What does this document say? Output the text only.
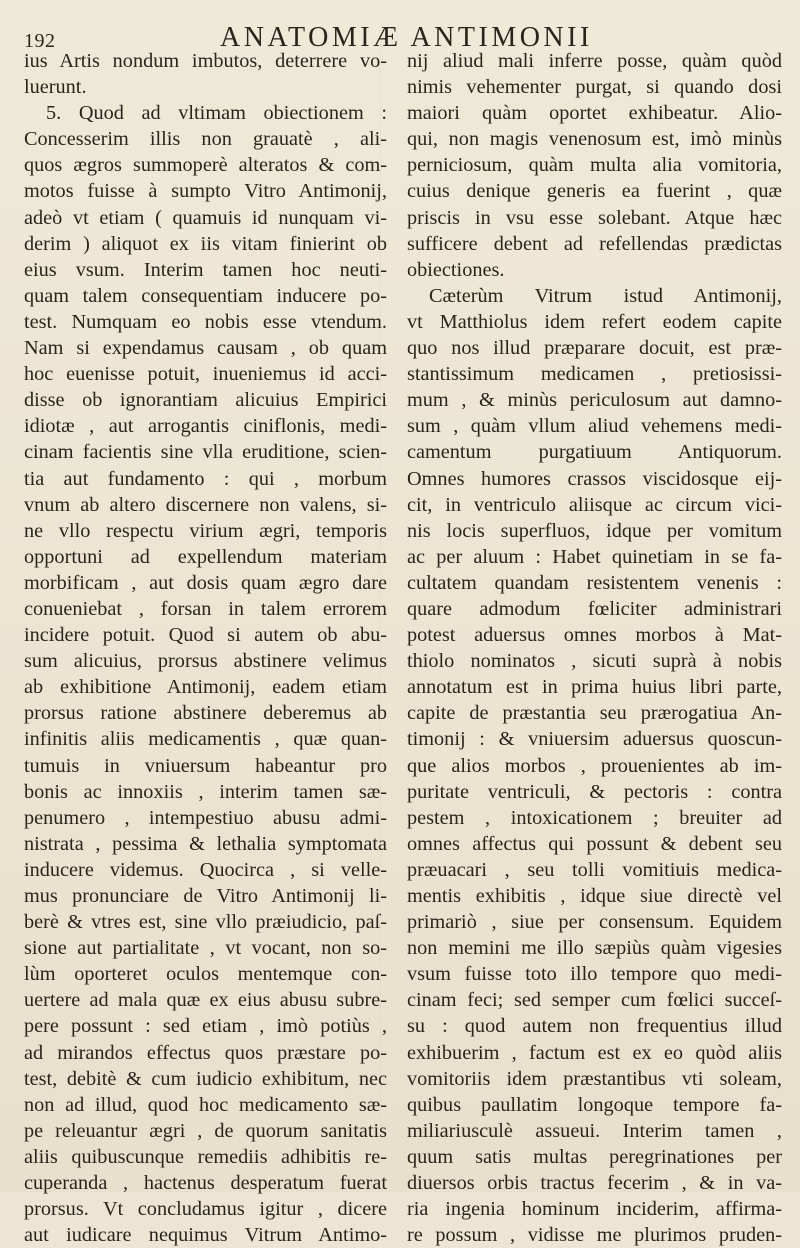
192	ANATOMIÆ ANTIMONII
ius Artis nondum imbutos, deterrere vo-
luerunt.
5. Quod ad vltimam obiectionem :
Concesserim illis non grauatè , ali-
quos ægros summoperè alteratos & com-
motos fuisse à sumpto Vitro Antimonij,
adeò vt etiam ( quamuis id nunquam vi-
derim ) aliquot ex iis vitam finierint ob
eius vsum. Interim tamen hoc neuti-
quam talem consequentiam inducere po-
test. Numquam eo nobis esse vtendum.
Nam si expendamus causam , ob quam
hoc euenisse potuit, inueniemus id acci-
disse ob ignorantiam alicuius Empirici
idiotæ , aut arrogantis ciniflonis, medi-
cinam facientis sine vlla eruditione, scien-
tia aut fundamento : qui , morbum
vnum ab altero discernere non valens, si-
ne vllo respectu virium ægri, temporis
opportuni ad expellendum materiam
morbificam , aut dosis quam ægro dare
conueniebat , forsan in talem errorem
incidere potuit. Quod si autem ob abu-
sum alicuius, prorsus abstinere velimus
ab exhibitione Antimonij, eadem etiam
prorsus ratione abstinere deberemus ab
infinitis aliis medicamentis , quæ quan-
tumuis in vniuersum habeantur pro
bonis ac innoxiis , interim tamen sæ-
penumero , intempestiuo abusu admi-
nistrata , pessima & lethalia symptomata
inducere videmus. Quocirca , si velle-
mus pronunciare de Vitro Antimonij li-
berè & vtres est, sine vllo præiudicio, paſ-
sione aut partialitate , vt vocant, non so-
lùm oporteret oculos mentemque con-
uertere ad mala quæ ex eius abusu subre-
pere possunt : sed etiam , imò potiùs ,
ad mirandos effectus quos præstare po-
test, debitè & cum iudicio exhibitum, nec
non ad illud, quod hoc medicamento sæ-
pe releuantur ægri , de quorum sanitatis
aliis quibuscunque remediis adhibitis re-
cuperanda , hactenus desperatum fuerat
prorsus. Vt concludamus igitur , dicere
aut iudicare nequimus Vitrum Antimo-
nij aliud mali inferre posse, quàm quòd
nimis vehementer purgat, si quando dosi
maiori quàm oportet exhibeatur. Alio-
qui, non magis venenosum est, imò minùs
perniciosum, quàm multa alia vomitoria,
cuius denique generis ea fuerint , quæ
priscis in vsu esse solebant. Atque hæc
sufficere debent ad refellendas prædictas
obiectiones.
Cæterùm Vitrum istud Antimonij,
vt Matthiolus idem refert eodem capite
quo nos illud præparare docuit, est præ-
stantissimum medicamen , pretiosissi-
mum , & minùs periculosum aut damno-
sum , quàm vllum aliud vehemens medi-
camentum purgatiuum Antiquorum.
Omnes humores crassos viscidosque eij-
cit, in ventriculo aliisque ac circum vici-
nis locis superfluos, idque per vomitum
ac per aluum : Habet quinetiam in se fa-
cultatem quandam resistentem venenis :
quare admodum fœliciter administrari
potest aduersus omnes morbos à Mat-
thiolo nominatos , sicuti suprà à nobis
annotatum est in prima huius libri parte,
capite de præstantia seu prærogatiua An-
timonij : & vniuersim aduersus quoscun-
que alios morbos , prouenientes ab im-
puritate ventriculi, & pectoris : contra
pestem , intoxicationem ; breuiter ad
omnes affectus qui possunt & debent seu
præuacari , seu tolli vomitiuis medica-
mentis exhibitis , idque siue directè vel
primariò , siue per consensum. Equidem
non memini me illo sæpiùs quàm vigesies
vsum fuisse toto illo tempore quo medi-
cinam feci; sed semper cum fœlici succeſ-
su : quod autem non frequentius illud
exhibuerim , factum est ex eo quòd aliis
vomitoriis idem præstantibus vti soleam,
quibus paullatim longoque tempore fa-
miliariusculè assueui. Interim tamen ,
quum satis multas peregrinationes per
diuersos orbis tractus fecerim , & in va-
ria ingenia hominum inciderim, affirma-
re possum , vidisse me plurimos pruden-
